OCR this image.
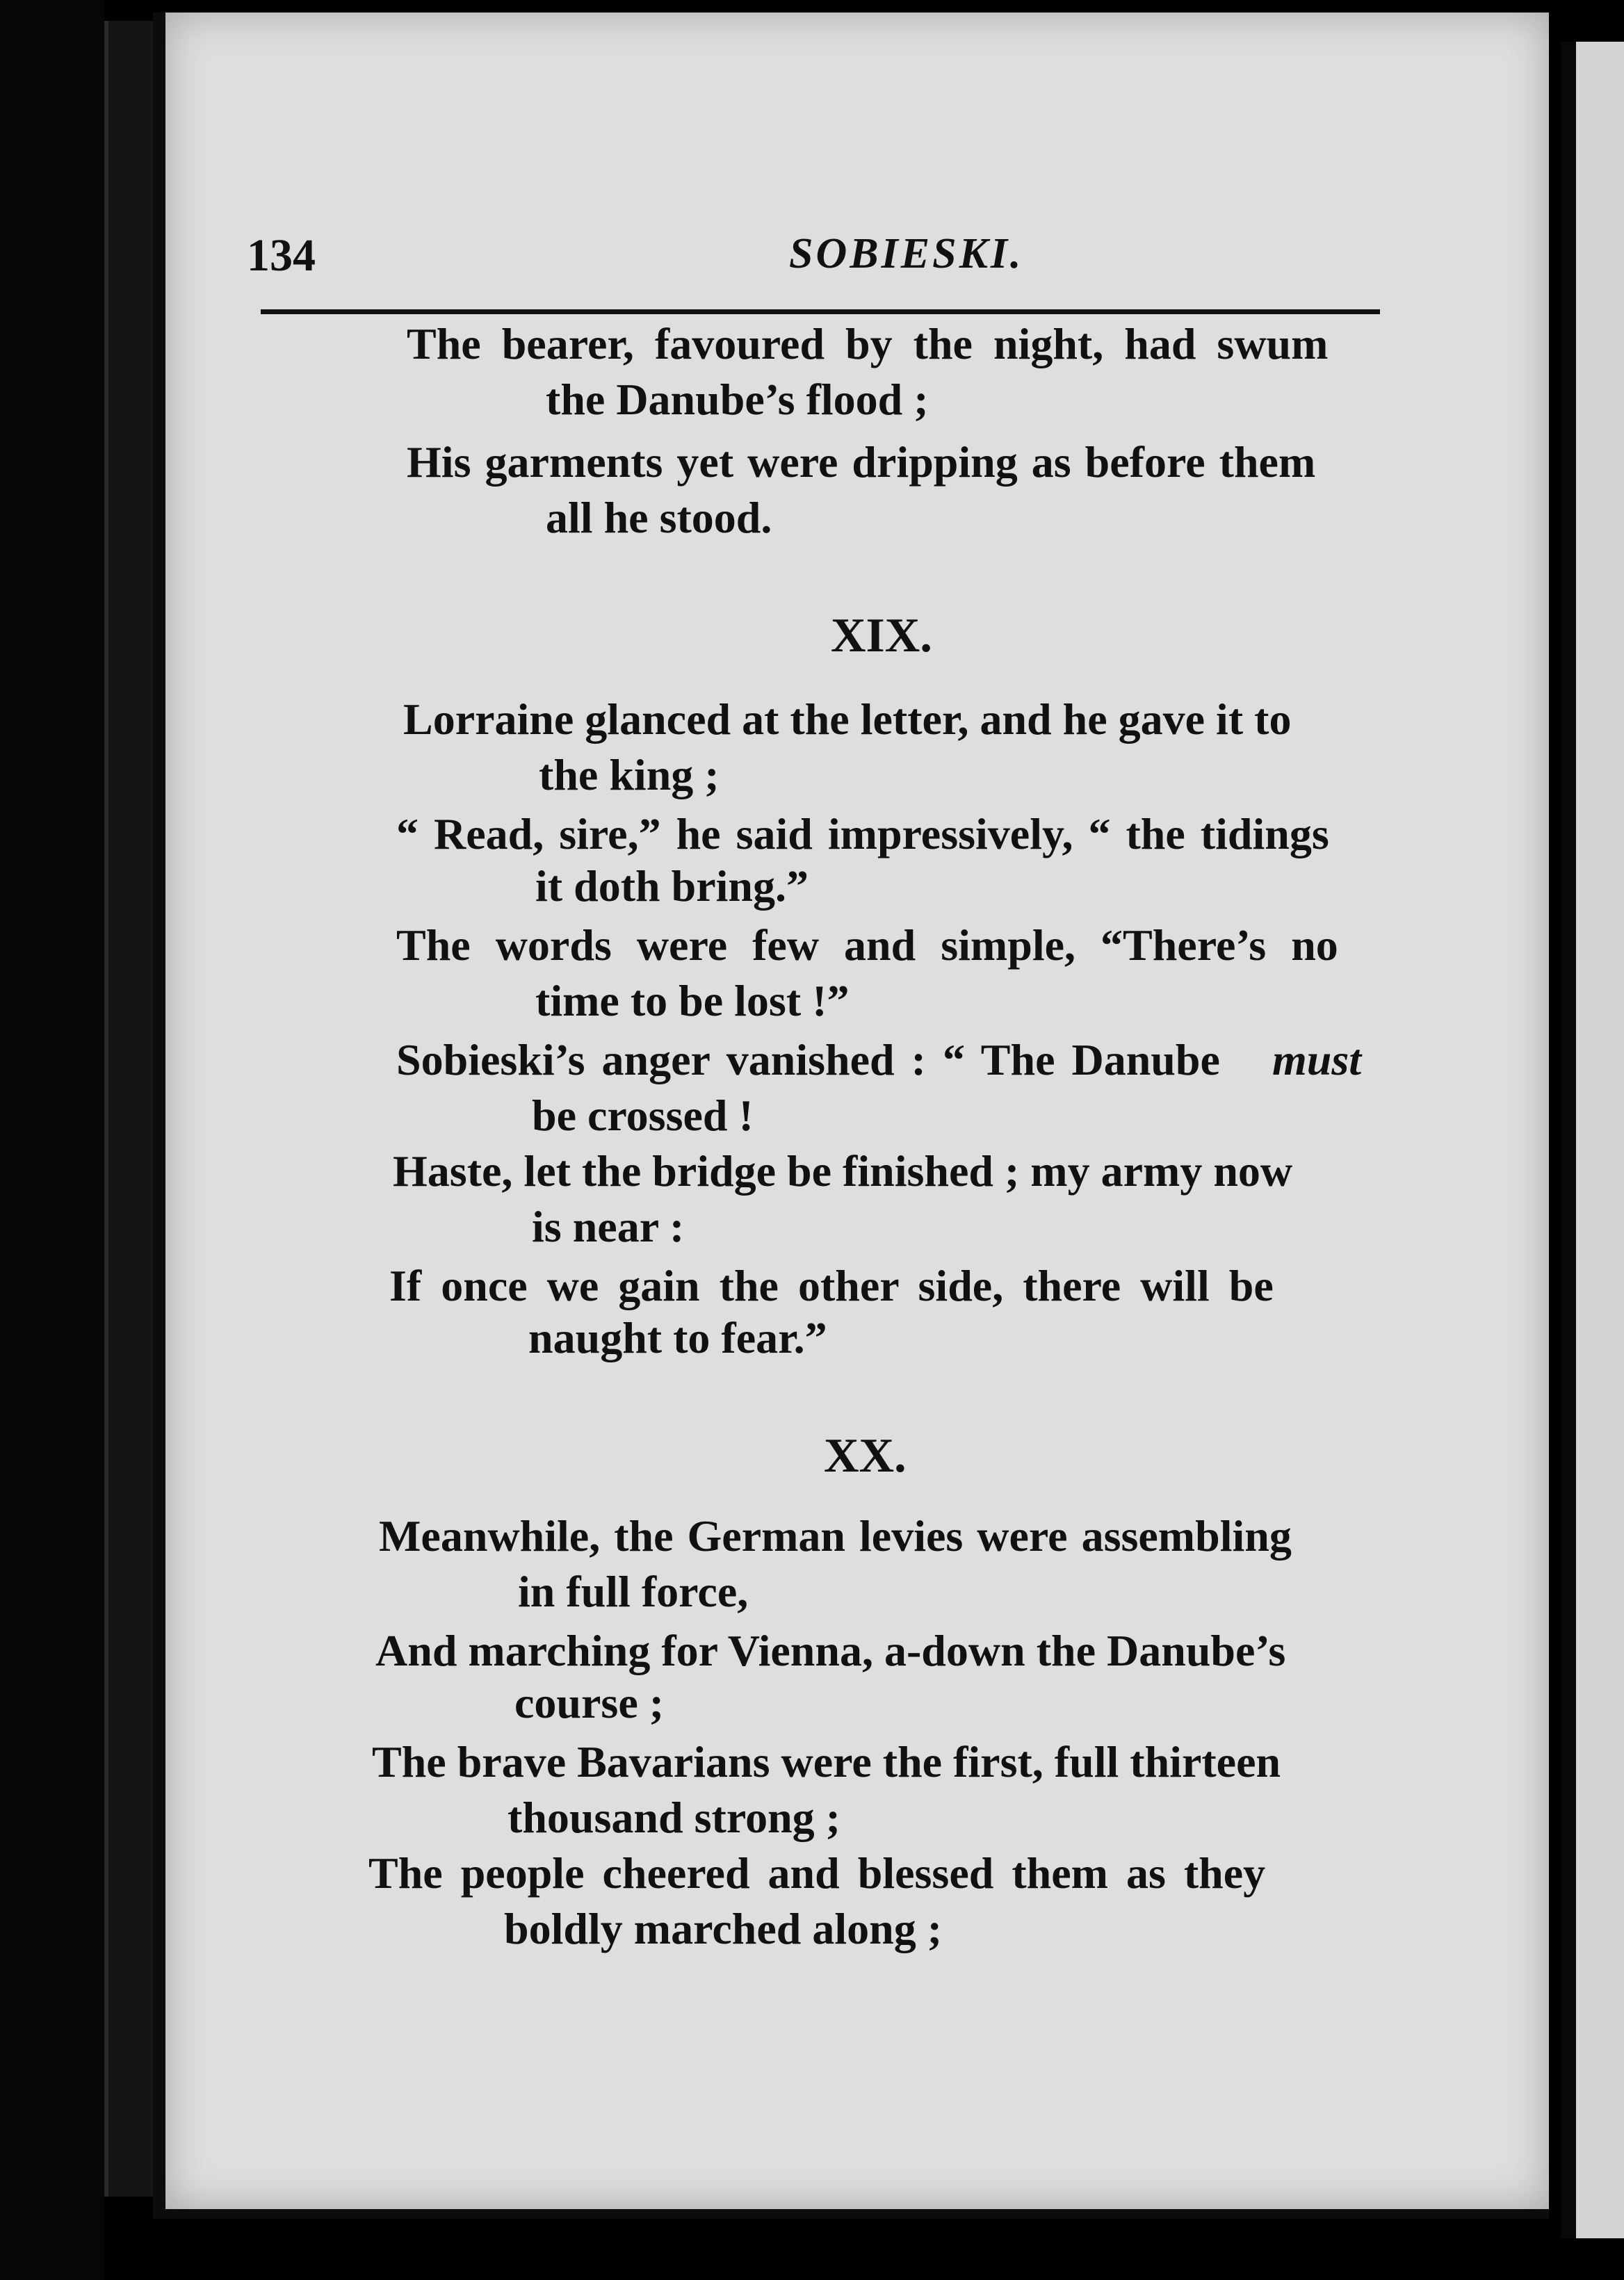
134	SOBIESKI.
The bearer, favoured by the night, had swum
the Danube’s flood ;
His garments yet were dripping as before them
all he stood.
XIX.
Lorraine glanced at the letter, and he gave it to
the king ;
“ Read, sire,” he said impressively, “ the tidings
it doth bring.”
The words were few and simple, “There’s no
time to be lost !”
Sobieski’s anger vanished : “ The Danube must
be crossed !
Haste, let the bridge be finished ; my army now
is near :
If once we gain the other side, there will be
naught to fear.”
XX.
Meanwhile, the German levies were assembling
in full force,
And marching for Vienna, a-down the Danube’s
course ;
The brave Bavarians were the first, full thirteen
thousand strong ;
The people cheered and blessed them as they
boldly marched along ;
